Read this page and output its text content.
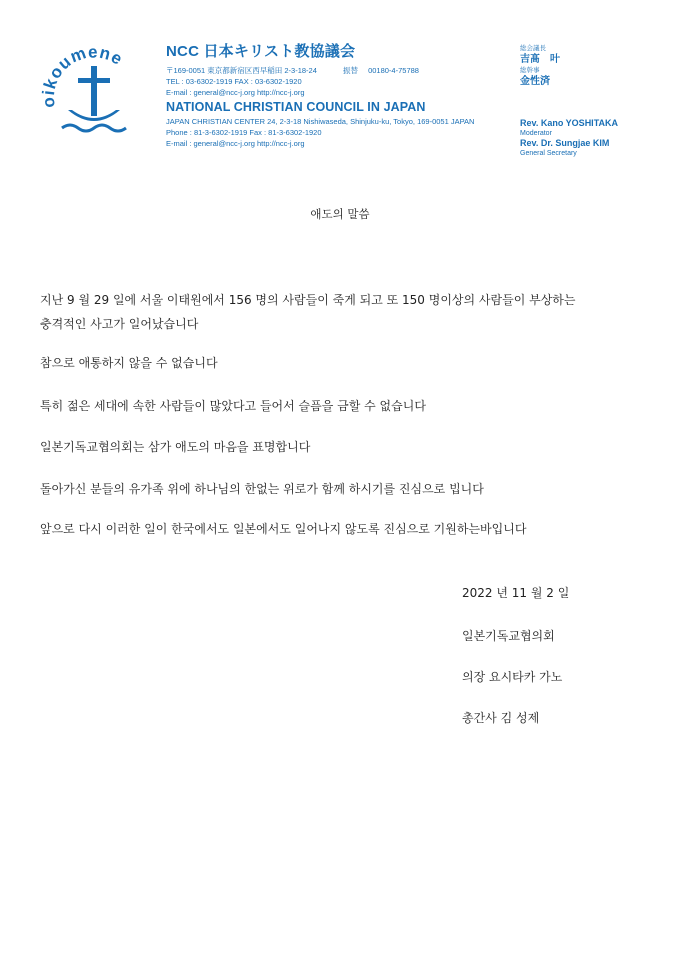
oikoumene	NCC 日本キリスト教協議会
〒169-0051 東京都新宿区西早稲田 2-3-18-24	振替 00180-4-75788
TEL : 03-6302-1919 FAX : 03-6302-1920
E-mail : general@ncc-j.org http://ncc-j.org
NATIONAL CHRISTIAN COUNCIL IN JAPAN
JAPAN CHRISTIAN CENTER 24, 2-3-18 Nishiwaseda, Shinjuku-ku, Tokyo, 169-0051 JAPAN
Phone : 81-3-6302-1919 Fax : 81-3-6302-1920
E-mail : general@ncc-j.org http://ncc-j.org
総会議長
吉髙　叶
総幹事
金性済
Rev. Kano YOSHITAKA
Moderator
Rev. Dr. Sungjae KIM
General Secretary
애도의 말씀
지난 9 월 29 일에 서울 이태원에서 156 명의 사람들이 죽게 되고 또 150 명이상의 사람들이 부상하는
충격적인 사고가 일어났습니다
참으로 애통하지 않을 수 없습니다
특히 젊은 세대에 속한 사람들이 많았다고 들어서 슬픔을 금할 수 없습니다
일본기독교협의회는 삼가 애도의 마음을 표명합니다
돌아가신 분들의 유가족 위에 하나님의 한없는 위로가 함께 하시기를 진심으로 빕니다
앞으로 다시 이러한 일이 한국에서도 일본에서도 일어나지 않도록 진심으로 기원하는바입니다
2022 년 11 월 2 일
일본기독교협의회
의장 요시타카 가노
총간사 김 성제
